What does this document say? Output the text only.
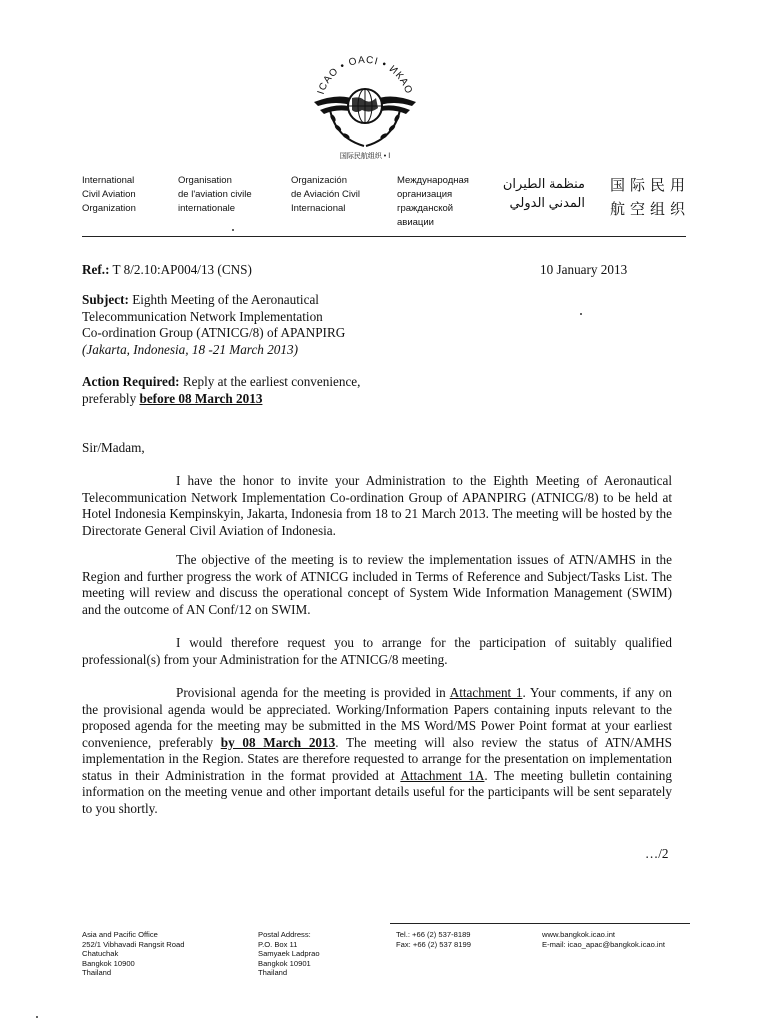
ICAO • OACI • ИКАО
国际民航组织 • ا
International
Civil Aviation
Organization
Organisation
de l'aviation civile
internationale
Organización
de Aviación Civil
Internacional
Международная
организация
гражданской
авиации
منظمة الطيران
المدني الدولي
国际民用
航空组织
Ref.: T 8/2.10:AP004/13 (CNS)	10 January 2013
Subject: Eighth Meeting of the Aeronautical
Telecommunication Network Implementation
Co-ordination Group (ATNICG/8) of APANPIRG
(Jakarta, Indonesia, 18 -21 March 2013)
Action Required: Reply at the earliest convenience,
preferably before 08 March 2013
Sir/Madam,
I have the honor to invite your Administration to the Eighth Meeting of Aeronautical Telecommunication Network Implementation Co-ordination Group of APANPIRG (ATNICG/8) to be held at Hotel Indonesia Kempinskyin, Jakarta, Indonesia from 18 to 21 March 2013. The meeting will be hosted by the Directorate General Civil Aviation of Indonesia.
The objective of the meeting is to review the implementation issues of ATN/AMHS in the Region and further progress the work of ATNICG included in Terms of Reference and Subject/Tasks List. The meeting will review and discuss the operational concept of System Wide Information Management (SWIM) and the outcome of AN Conf/12 on SWIM.
I would therefore request you to arrange for the participation of suitably qualified professional(s) from your Administration for the ATNICG/8 meeting.
Provisional agenda for the meeting is provided in Attachment 1. Your comments, if any on the provisional agenda would be appreciated. Working/Information Papers containing inputs relevant to the proposed agenda for the meeting may be submitted in the MS Word/MS Power Point format at your earliest convenience, preferably by 08 March 2013. The meeting will also review the status of ATN/AMHS implementation in the Region. States are therefore requested to arrange for the presentation on implementation status in their Administration in the format provided at Attachment 1A. The meeting bulletin containing information on the meeting venue and other important details useful for the participants will be sent separately to you shortly.
…/2
Asia and Pacific Office
252/1 Vibhavadi Rangsit Road
Chatuchak
Bangkok 10900
Thailand
Postal Address:
P.O. Box 11
Samyaek Ladprao
Bangkok 10901
Thailand
Tel.: +66 (2) 537-8189
Fax: +66 (2) 537 8199
www.bangkok.icao.int
E-mail: icao_apac@bangkok.icao.int
